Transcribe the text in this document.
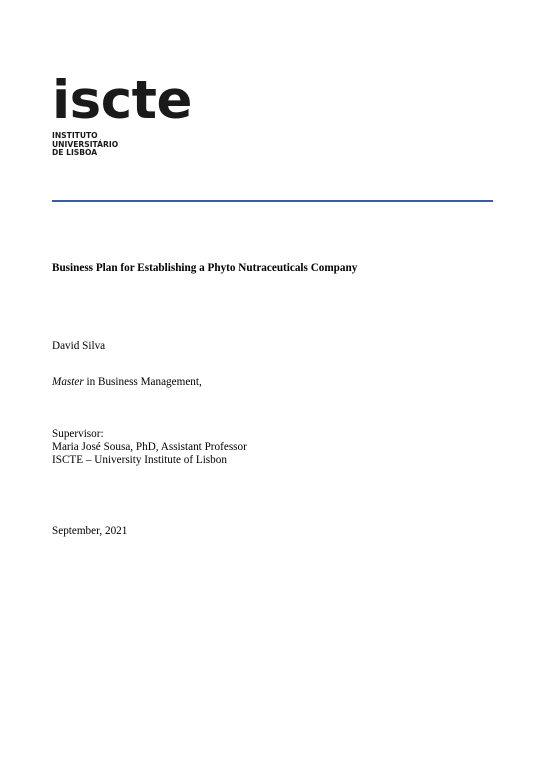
iscte
INSTITUTO
UNIVERSITÁRIO
DE LISBOA
Business Plan for Establishing a Phyto Nutraceuticals Company
David Silva
Master in Business Management,
Supervisor:
Maria José Sousa, PhD, Assistant Professor
ISCTE – University Institute of Lisbon
September, 2021
